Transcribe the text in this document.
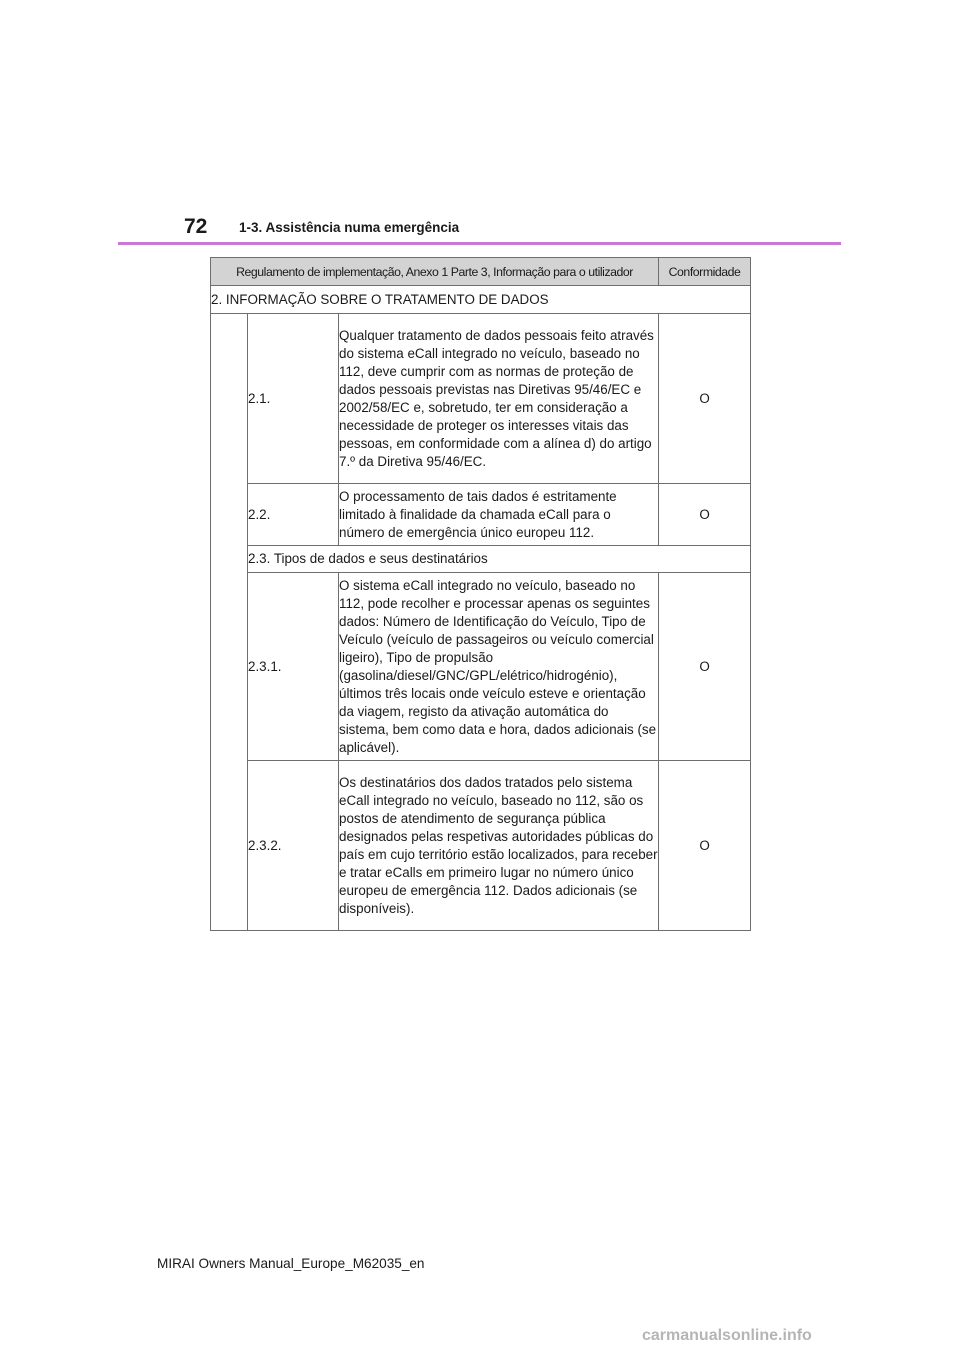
72 1-3. Assistência numa emergência
Regulamento de implementação, Anexo 1 Parte 3, Informação para o utilizador			Conformidade
2. INFORMAÇÃO SOBRE O TRATAMENTO DE DADOS			
	2.1.	Qualquer tratamento de dados pessoais feito através do sistema eCall integrado no veículo, baseado no 112, deve cumprir com as normas de proteção de dados pessoais previstas nas Diretivas 95/46/EC e 2002/58/EC e, sobretudo, ter em consideração a necessidade de proteger os interesses vitais das pessoas, em conformidade com a alínea d) do artigo 7.º da Diretiva 95/46/EC.	O
	2.2.	O processamento de tais dados é estritamente limitado à finalidade da chamada eCall para o número de emergência único europeu 112.	O
	2.3. Tipos de dados e seus destinatários		
	2.3.1.	O sistema eCall integrado no veículo, baseado no 112, pode recolher e processar apenas os seguintes dados: Número de Identificação do Veículo, Tipo de Veículo (veículo de passageiros ou veículo comercial ligeiro), Tipo de propulsão (gasolina/diesel/GNC/GPL/elétrico/hidrogénio), últimos três locais onde veículo esteve e orientação da viagem, registo da ativação automática do sistema, bem como data e hora, dados adicionais (se aplicável).	O
	2.3.2.	Os destinatários dos dados tratados pelo sistema eCall integrado no veículo, baseado no 112, são os postos de atendimento de segurança pública designados pelas respetivas autoridades públicas do país em cujo território estão localizados, para receber e tratar eCalls em primeiro lugar no número único europeu de emergência 112. Dados adicionais (se disponíveis).	O
MIRAI Owners Manual_Europe_M62035_en
carmanualsonline.info
